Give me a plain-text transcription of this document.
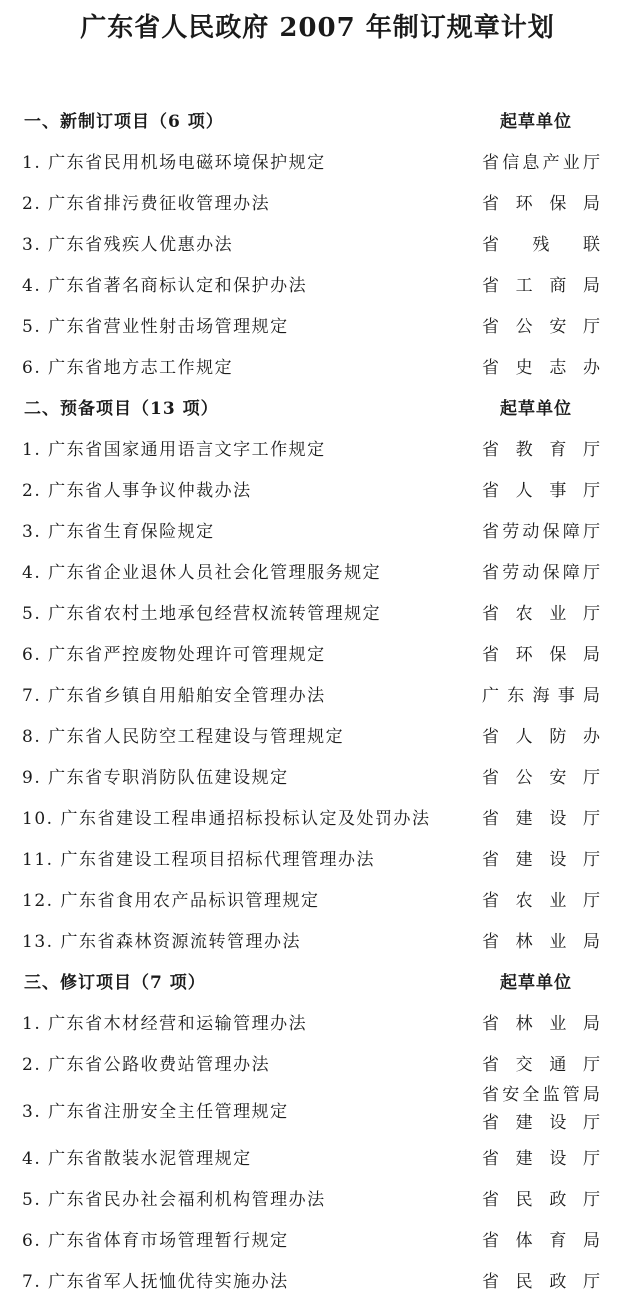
广东省人民政府 2007 年制订规章计划
一、新制订项目（6 项）	起草单位
1. 广东省民用机场电磁环境保护规定	省信息产业厅
2. 广东省排污费征收管理办法	省环保局
3. 广东省残疾人优惠办法	省残联
4. 广东省著名商标认定和保护办法	省工商局
5. 广东省营业性射击场管理规定	省公安厅
6. 广东省地方志工作规定	省史志办
二、预备项目（13 项）	起草单位
1. 广东省国家通用语言文字工作规定	省教育厅
2. 广东省人事争议仲裁办法	省人事厅
3. 广东省生育保险规定	省劳动保障厅
4. 广东省企业退休人员社会化管理服务规定	省劳动保障厅
5. 广东省农村土地承包经营权流转管理规定	省农业厅
6. 广东省严控废物处理许可管理规定	省环保局
7. 广东省乡镇自用船舶安全管理办法	广东海事局
8. 广东省人民防空工程建设与管理规定	省人防办
9. 广东省专职消防队伍建设规定	省公安厅
10. 广东省建设工程串通招标投标认定及处罚办法	省建设厅
11. 广东省建设工程项目招标代理管理办法	省建设厅
12. 广东省食用农产品标识管理规定	省农业厅
13. 广东省森林资源流转管理办法	省林业局
三、修订项目（7 项）	起草单位
1. 广东省木材经营和运输管理办法	省林业局
2. 广东省公路收费站管理办法	省交通厅
3. 广东省注册安全主任管理规定
省安全监管局
省建设厅
4. 广东省散装水泥管理规定	省建设厅
5. 广东省民办社会福利机构管理办法	省民政厅
6. 广东省体育市场管理暂行规定	省体育局
7. 广东省军人抚恤优待实施办法	省民政厅
